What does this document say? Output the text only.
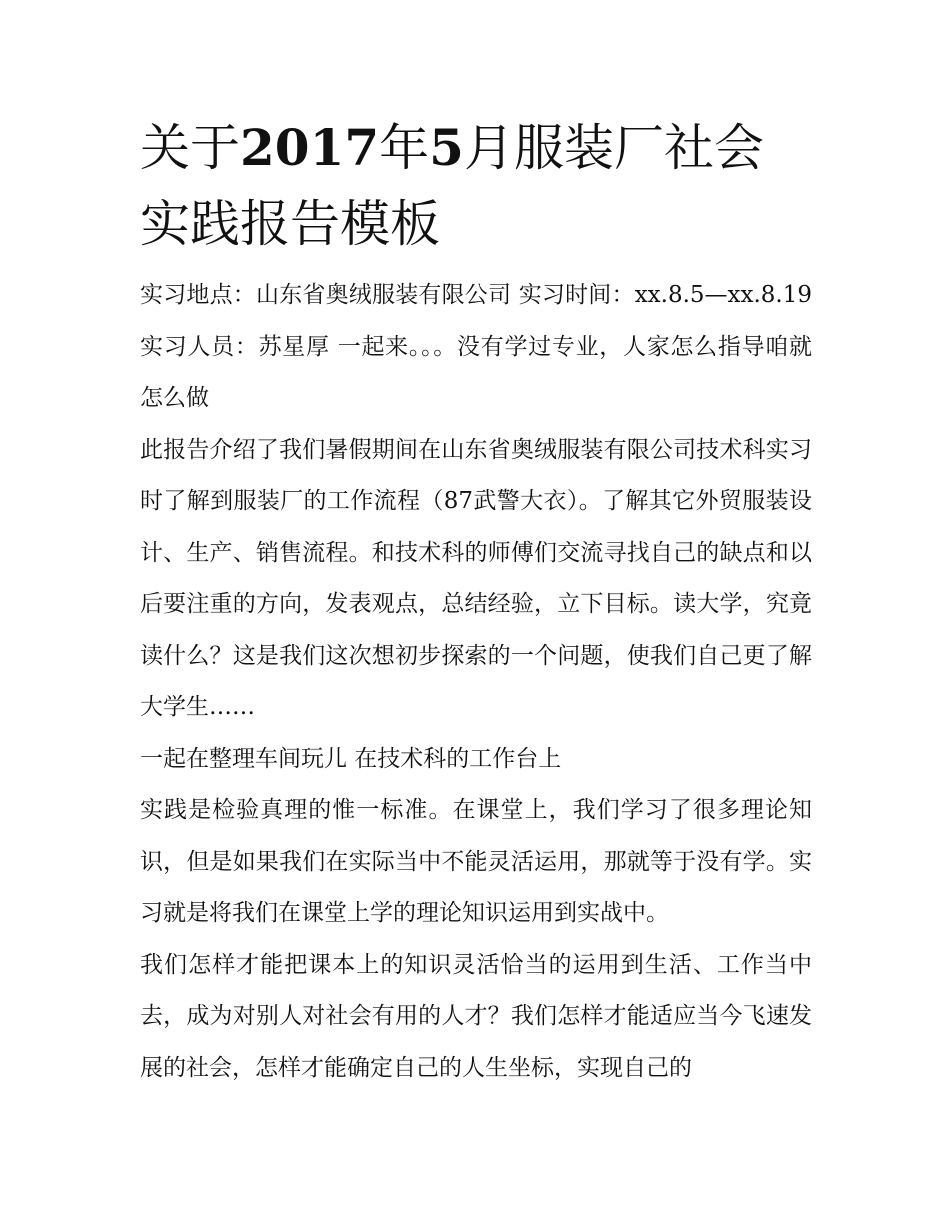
关于2017年5月服装厂社会实践报告模板

实习地点：山东省奥绒服装有限公司 实习时间：xx.8.5—xx.8.19 实习人员：苏星厚 一起来。。。没有学过专业，人家怎么指导咱就怎么做

此报告介绍了我们暑假期间在山东省奥绒服装有限公司技术科实习时了解到服装厂的工作流程（87武警大衣）。了解其它外贸服装设计、生产、销售流程。和技术科的师傅们交流寻找自己的缺点和以后要注重的方向，发表观点，总结经验，立下目标。读大学，究竟读什么？这是我们这次想初步探索的一个问题，使我们自己更了解大学生……

一起在整理车间玩儿 在技术科的工作台上

实践是检验真理的惟一标准。在课堂上，我们学习了很多理论知识，但是如果我们在实际当中不能灵活运用，那就等于没有学。实习就是将我们在课堂上学的理论知识运用到实战中。

我们怎样才能把课本上的知识灵活恰当的运用到生活、工作当中去，成为对别人对社会有用的人才？我们怎样才能适应当今飞速发展的社会，怎样才能确定自己的人生坐标，实现自己的
